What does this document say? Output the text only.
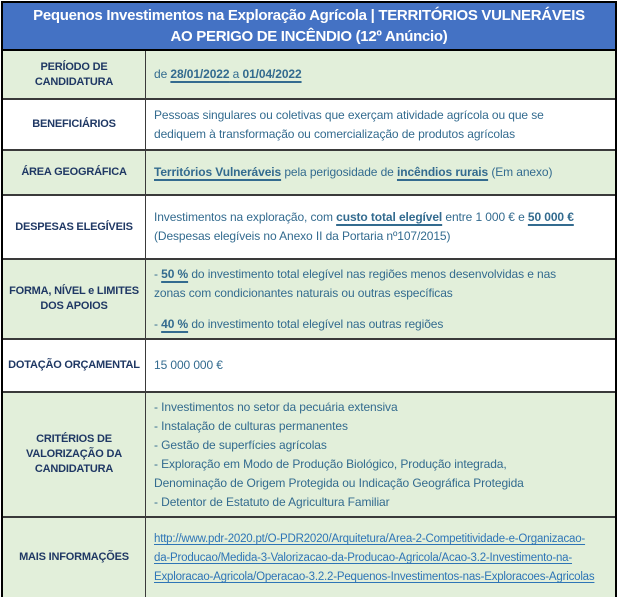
Pequenos Investimentos na Exploração Agrícola | TERRITÓRIOS VULNERÁVEIS
AO PERIGO DE INCÊNDIO (12º Anúncio)
PERÍODO DE CANDIDATURA
de 28/01/2022 a 01/04/2022
BENEFICIÁRIOS
Pessoas singulares ou coletivas que exerçam atividade agrícola ou que se
dediquem à transformação ou comercialização de produtos agrícolas
ÁREA GEOGRÁFICA Territórios Vulneráveis pela perigosidade de incêndios rurais (Em anexo)
DESPESAS ELEGÍVEIS
Investimentos na exploração, com custo total elegível entre 1 000 € e 50 000 €
(Despesas elegíveis no Anexo II da Portaria nº107/2015)
FORMA, NÍVEL e LIMITES DOS APOIOS
- 50 % do investimento total elegível nas regiões menos desenvolvidas e nas
zonas com condicionantes naturais ou outras específicas
- 40 % do investimento total elegível nas outras regiões
DOTAÇÃO ORÇAMENTAL 15 000 000 €
CRITÉRIOS DE VALORIZAÇÃO DA CANDIDATURA
- Investimentos no setor da pecuária extensiva
- Instalação de culturas permanentes
- Gestão de superfícies agrícolas
- Exploração em Modo de Produção Biológico, Produção integrada,
Denominação de Origem Protegida ou Indicação Geográfica Protegida
- Detentor de Estatuto de Agricultura Familiar
MAIS INFORMAÇÕES
http://www.pdr-2020.pt/O-PDR2020/Arquitetura/Area-2-Competitividade-e-Organizacao-
da-Producao/Medida-3-Valorizacao-da-Producao-Agricola/Acao-3.2-Investimento-na-
Exploracao-Agricola/Operacao-3.2.2-Pequenos-Investimentos-nas-Exploracoes-Agricolas
